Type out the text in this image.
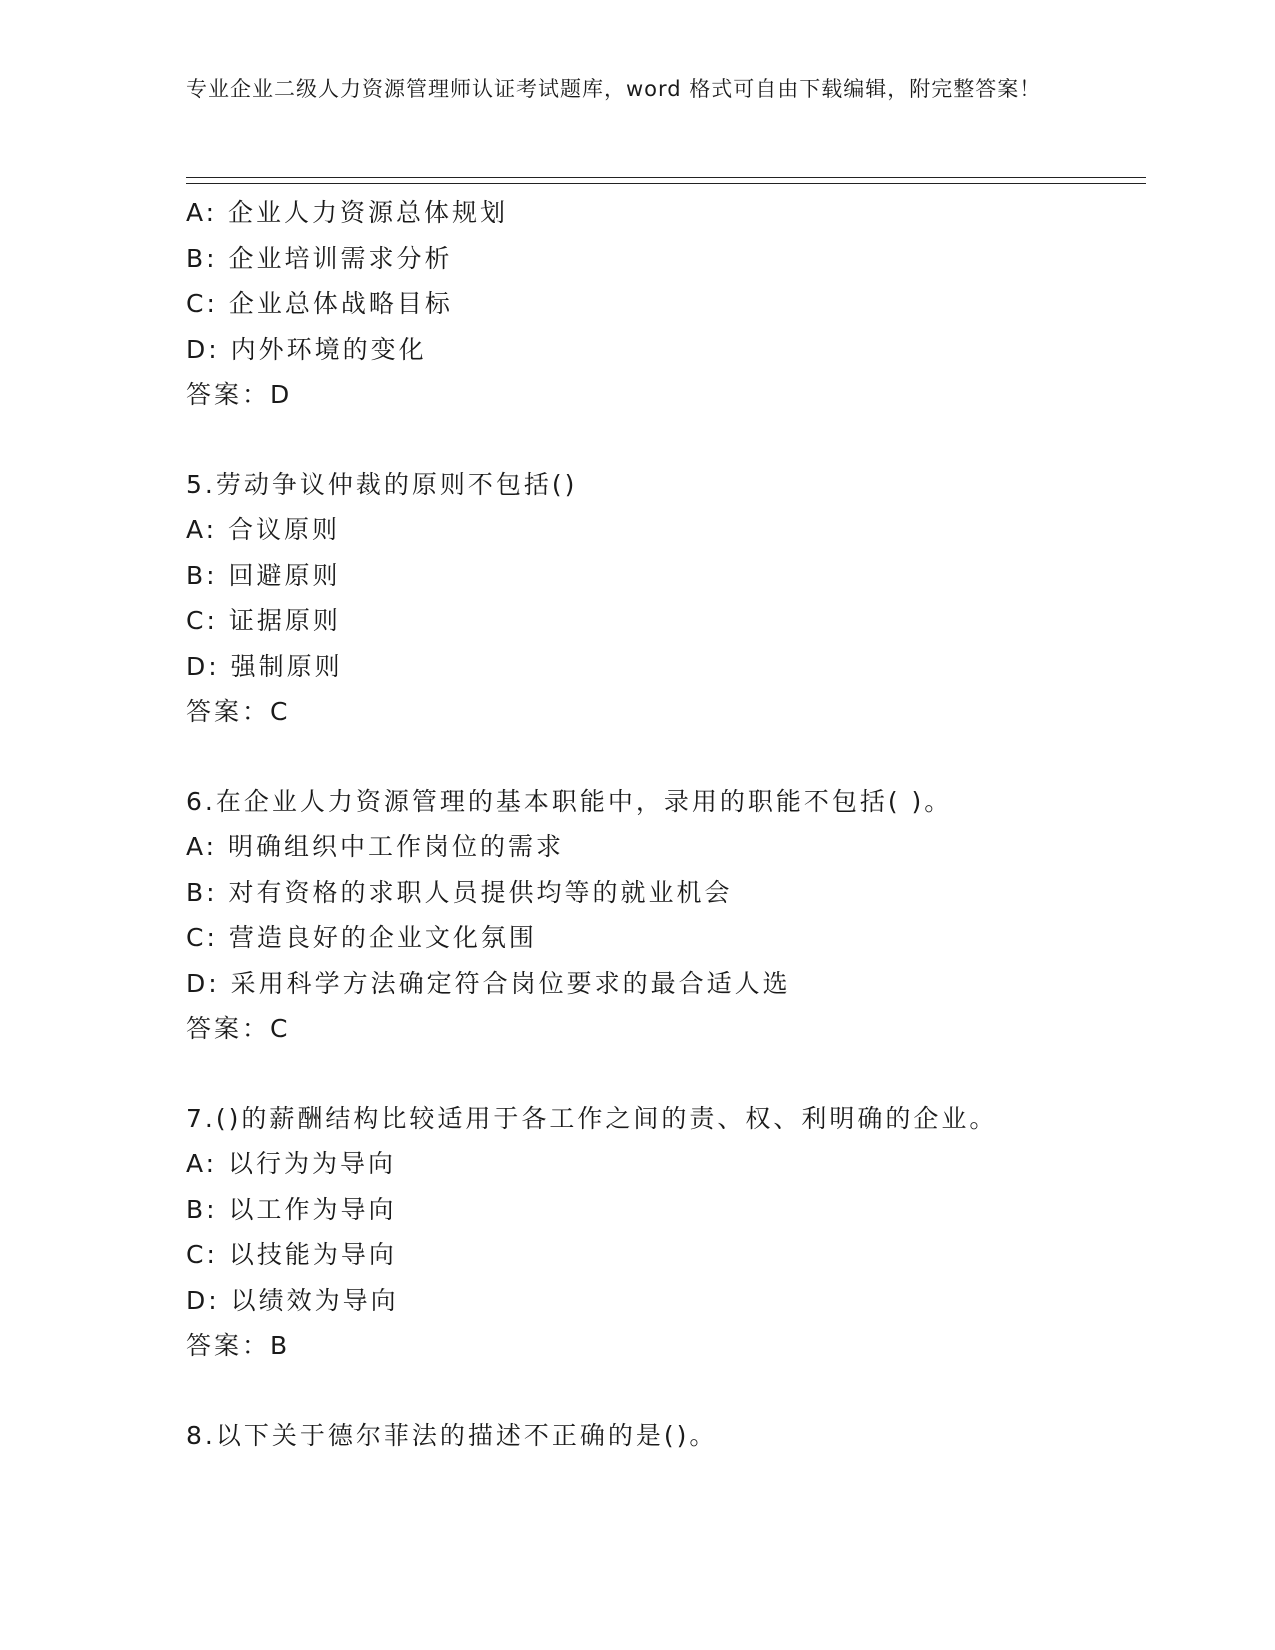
专业企业二级人力资源管理师认证考试题库，word 格式可自由下载编辑，附完整答案！
A: 企业人力资源总体规划
B: 企业培训需求分析
C: 企业总体战略目标
D: 内外环境的变化
答案：D
5.劳动争议仲裁的原则不包括()
A: 合议原则
B: 回避原则
C: 证据原则
D: 强制原则
答案：C
6.在企业人力资源管理的基本职能中，录用的职能不包括( )。
A: 明确组织中工作岗位的需求
B: 对有资格的求职人员提供均等的就业机会
C: 营造良好的企业文化氛围
D: 采用科学方法确定符合岗位要求的最合适人选
答案：C
7.()的薪酬结构比较适用于各工作之间的责、权、利明确的企业。
A: 以行为为导向
B: 以工作为导向
C: 以技能为导向
D: 以绩效为导向
答案：B
8.以下关于德尔菲法的描述不正确的是()。
